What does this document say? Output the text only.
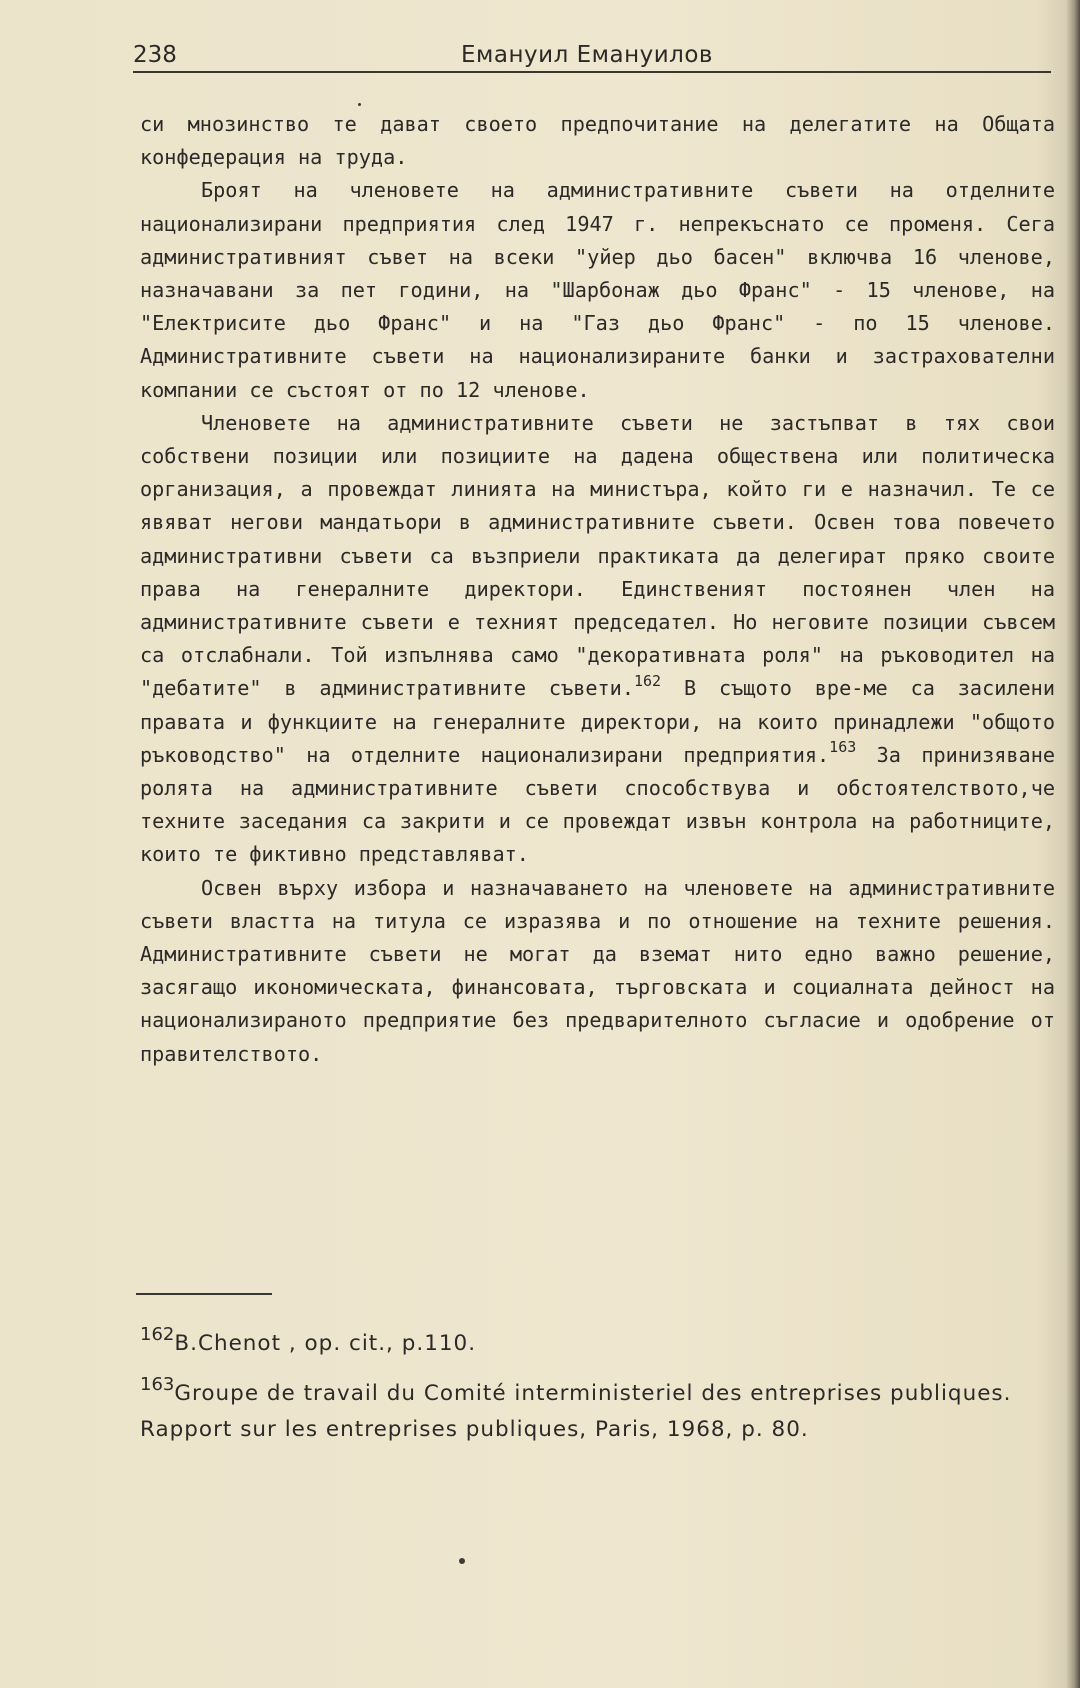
238	Емануил Емануилов

си мнозинство те дават своето предпочитание на делегатите на Общата конфедерация на труда.

Броят на членовете на административните съвети на отделните национализирани предприятия след 1947 г. непрекъснато се променя. Сега административният съвет на всеки "уйер дьо басен" включва 16 членове, назначавани за пет години, на "Шарбонаж дьо Франс" - 15 членове, на "Електрисите дьо Франс" и на "Газ дьо Франс" - по 15 членове. Административните съвети на национализираните банки и застрахователни компании се състоят от по 12 членове.

Членовете на административните съвети не застъпват в тях свои собствени позиции или позициите на дадена обществена или политическа организация, а провеждат линията на министъра, който ги е назначил. Те се явяват негови мандатьори в административните съвети. Освен това повечето административни съвети са възприели практиката да делегират пряко своите права на генералните директори. Единственият постоянен член на административните съвети е техният председател. Но неговите позиции съвсем са отслабнали. Той изпълнява само "декоративната роля" на ръководител на "дебатите" в административните съвети.$^{162}$ В същото вре-ме са засилени правата и функциите на генералните директори, на които принадлежи "общото ръководство" на отделните национализирани предприятия.$^{163}$ За принизяване ролята на административните съвети способствува и обстоятелството,че техните заседания са закрити и се провеждат извън контрола на работниците, които те фиктивно представляват.

Освен върху избора и назначаването на членовете на административните съвети властта на титула се изразява и по отношение на техните решения. Административните съвети не могат да вземат нито едно важно решение, засягащо икономическата, финансовата, търговската и социалната дейност на национализираното предприятие без предварителното съгласие и одобрение от правителството.

$^{162}$B.Chenot , op. cit., p.110.

$^{163}$Groupe de travail du Comité interministeriel des entreprises publiques. Rapport sur les entreprises publiques, Paris, 1968, p. 80.
